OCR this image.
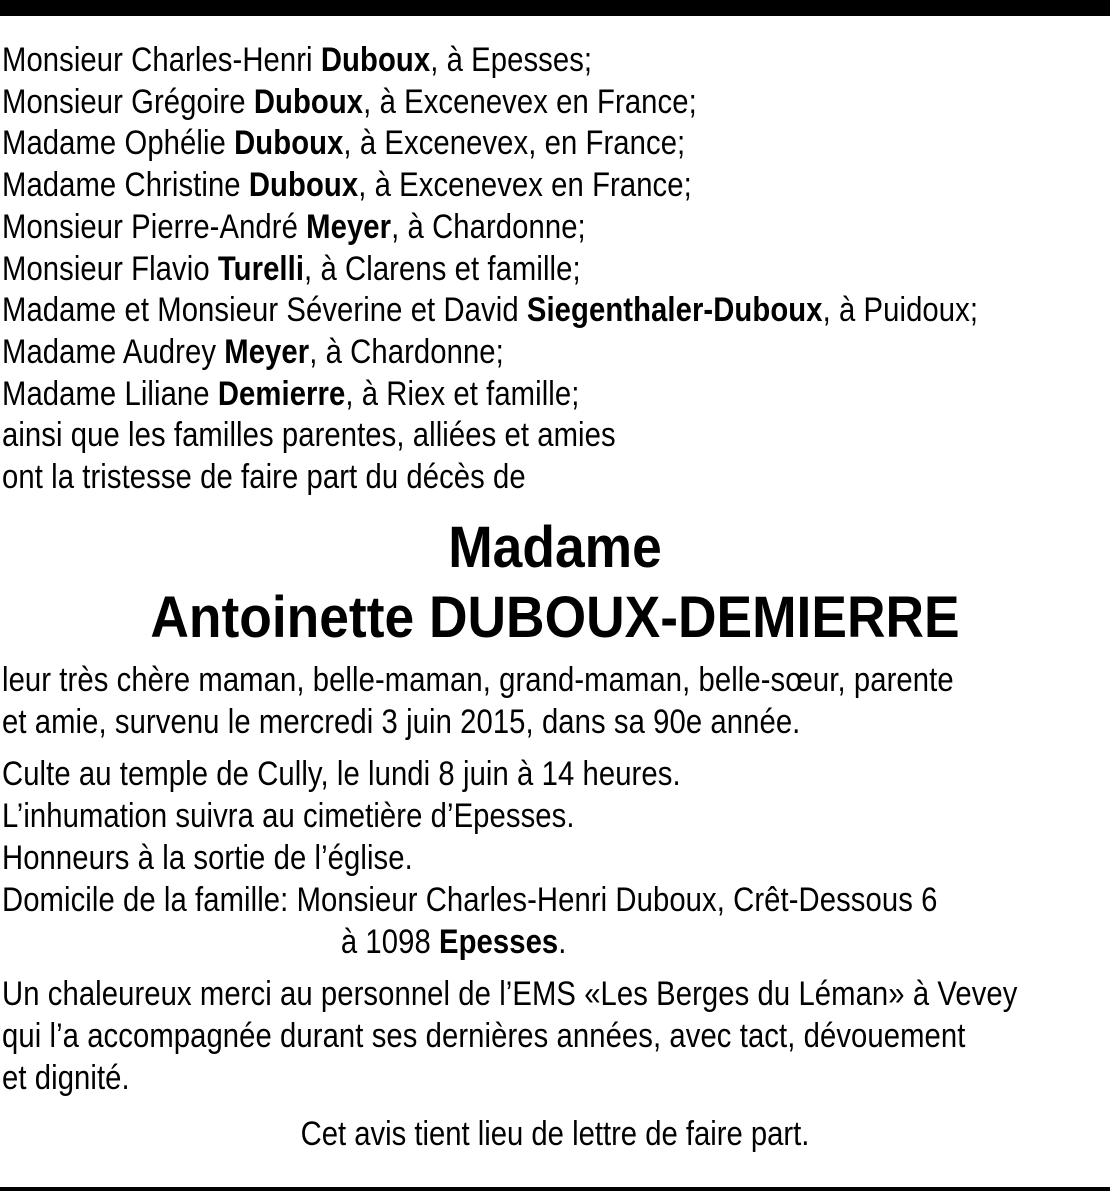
Monsieur Charles-Henri Duboux, à Epesses;
Monsieur Grégoire Duboux, à Excenevex en France;
Madame Ophélie Duboux, à Excenevex, en France;
Madame Christine Duboux, à Excenevex en France;
Monsieur Pierre-André Meyer, à Chardonne;
Monsieur Flavio Turelli, à Clarens et famille;
Madame et Monsieur Séverine et David Siegenthaler-Duboux, à Puidoux;
Madame Audrey Meyer, à Chardonne;
Madame Liliane Demierre, à Riex et famille;
ainsi que les familles parentes, alliées et amies
ont la tristesse de faire part du décès de
Madame
Antoinette DUBOUX-DEMIERRE
leur très chère maman, belle-maman, grand-maman, belle-sœur, parente
et amie, survenu le mercredi 3 juin 2015, dans sa 90e année.
Culte au temple de Cully, le lundi 8 juin à 14 heures.
L’inhumation suivra au cimetière d’Epesses.
Honneurs à la sortie de l’église.
Domicile de la famille: Monsieur Charles-Henri Duboux, Crêt-Dessous 6
à 1098 Epesses.
Un chaleureux merci au personnel de l’EMS «Les Berges du Léman» à Vevey
qui l’a accompagnée durant ses dernières années, avec tact, dévouement
et dignité.
Cet avis tient lieu de lettre de faire part.
